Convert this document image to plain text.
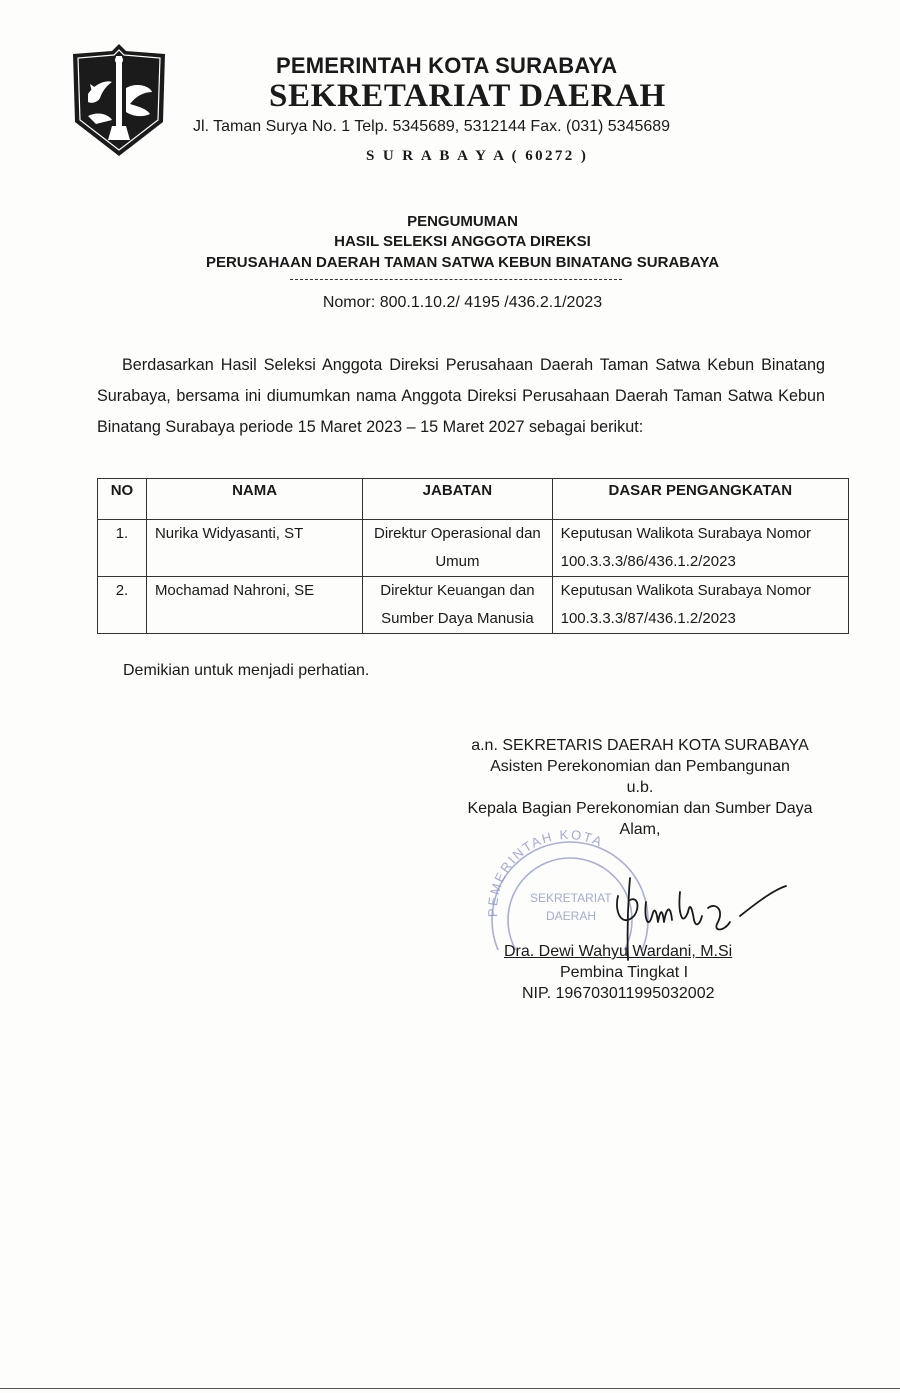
PEMERINTAH KOTA SURABAYA
SEKRETARIAT DAERAH
Jl. Taman Surya No. 1 Telp. 5345689, 5312144 Fax. (031) 5345689
S U R A B A Y A ( 60272 )
PENGUMUMAN
HASIL SELEKSI ANGGOTA DIREKSI
PERUSAHAAN DAERAH TAMAN SATWA KEBUN BINATANG SURABAYA
Nomor: 800.1.10.2/ 4195 /436.2.1/2023
Berdasarkan Hasil Seleksi Anggota Direksi Perusahaan Daerah Taman Satwa Kebun Binatang Surabaya, bersama ini diumumkan nama Anggota Direksi Perusahaan Daerah Taman Satwa Kebun Binatang Surabaya periode 15 Maret 2023 – 15 Maret 2027 sebagai berikut:
NO	NAMA	JABATAN	DASAR PENGANGKATAN
1.	Nurika Widyasanti, ST	Direktur Operasional dan Umum	Keputusan Walikota Surabaya Nomor 100.3.3.3/86/436.1.2/2023
2.	Mochamad Nahroni, SE	Direktur Keuangan dan Sumber Daya Manusia	Keputusan Walikota Surabaya Nomor 100.3.3.3/87/436.1.2/2023
Demikian untuk menjadi perhatian.
a.n. SEKRETARIS DAERAH KOTA SURABAYA
Asisten Perekonomian dan Pembangunan
u.b.
Kepala Bagian Perekonomian dan Sumber Daya
Alam,
PEMERINTAH KOTA
SEKRETARIAT
DAERAH
Dra. Dewi Wahyu Wardani, M.Si
Pembina Tingkat I
NIP. 196703011995032002
